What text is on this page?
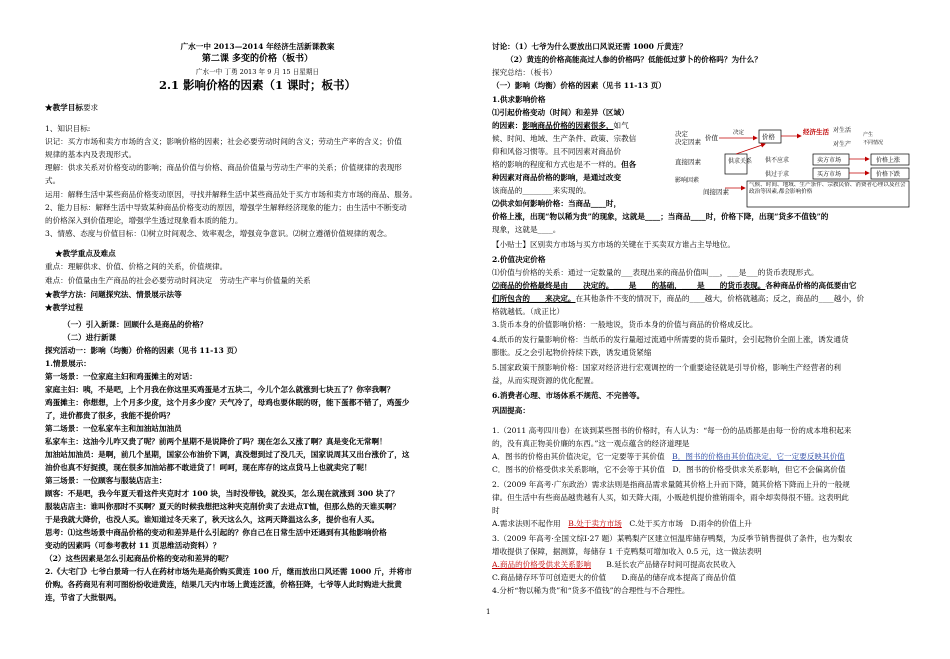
广水一中 2013—2014 年经济生活新课教案
第二课 多变的价格（板书）
广水一中 丁勇 2013 年 9 月 15 日星期日
2.1 影响价格的因素（1 课时；板书）
★教学目标要求
1、知识目标:
识记：买方市场和卖方市场的含义；影响价格的因素；社会必要劳动时间的含义；劳动生产率的含义；价值
规律的基本内及表现形式。
理解：供求关系对价格变动的影响；商品价值与价格、商品价值量与劳动生产率的关系；价值规律的表现形
式。
运用：解释生活中某些商品价格变动原因，寻找并解释生活中某些商品处于买方市场和卖方市场的商品、服务。
2、能力目标：解释生活中导致某种商品价格变动的原因，增强学生解释经济现象的能力；由生活中不断变动
的价格深入到价值理论，增强学生透过现象看本质的能力。
3、情感、态度与价值目标：⑴树立时间观念、效率观念，增强竞争意识。⑵树立遵循价值规律的观念。
★教学重点及难点
重点：理解供求、价值、价格之间的关系，价值规律。
难点：价值量由生产商品的社会必要劳动时间决定　劳动生产率与价值量的关系
★教学方法：问题探究法、情景展示法等
★教学过程
（一）引入新课：回顾什么是商品的价格？
（二）进行新课
探究活动一：影响（均衡）价格的因素（见书 11-13 页）
1.情景展示：
第一场景：一位家庭主妇和鸡蛋摊主的对话：
家庭主妇：咦，不是吧，上个月我在你这里买鸡蛋是才五块二，今儿个怎么就涨到七块五了？你宰我啊？
鸡蛋摊主：你想想，上个月多少度，这个月多少度？天气冷了，母鸡也要休眠的呀，能下蛋都不错了，鸡蛋少
了，进价都贵了很多，我能不提价吗？
第二场景：一位私家车主和加油站加油员
私家车主：这油今儿咋又贵了呢？前两个星期不是说降价了吗？现在怎么又涨了啊？真是变化无常啊！
加油站加油员：是啊，前几个星期，国家公布油价下调，真没想到过了没几天，国家说周其又出台涨价了，这
油价也真不好捉摸，现在很多加油站都不敢进货了！呵呵，现在库存的这点货马上也就卖完了呢！
第三场景：一位顾客与服装店店主：
顾客：不是吧，我今年夏天看这件夹克时才 100 块，当时没带钱，就没买，怎么现在就涨到 300 块了？
服装店店主：谁叫你那时不买啊？夏天的时候我想把这种夹克削价卖了去进点T恤，但那么热的天谁买啊？
于是我就大降价，也没人买。谁知道过冬天来了，秋天这么久，这两天降温这么多，提价也有人买。
思考：⑴这些场景中商品价格的变动和差异是什么引起的？你自己在日常生活中还遇到有其他影响价格
变动的因素吗（可参考教材 11 页思维活动资料）？
（2）这些因素是怎么引起商品价格的变动和差异的呢？
2.《大宅门》七爷白景琦一行人在药材市场先是高价购买黄连 100 斤，继而放出口风还需 1000 斤，并将市
价购。各药商见有利可图纷纷收进黄连，结果几天内市场上黄连泛滥，价格狂降，七爷等人此时购进大批黄
连，节省了大批银两。
讨论：（1）七爷为什么要放出口风说还需 1000 斤黄连？
（2）黄连的价格高能高过人参的价格吗？低能低过萝卜的价格吗？为什么？
探究总结：（板书）
（一）影响（均衡）价格的因素（见书 11-13 页）
1.供求影响价格
⑴引起价格变动（时间）和差异（区域）
的因素：影响商品价格的因素很多，如气
候、时间、地域、生产条件、政策、宗教信
仰和风俗习惯等。且不同因素对商品价
格的影响的程度和方式也是不一样的。但各
种因素对商品价格的影响，是通过改变
该商品的________来实现的。
⑵供求如何影响价格：当商品____时，
价格上涨，出现“物以稀为贵”的现象，这就是____；当商品____时，价格下降，出现“货多不值钱”的
现象，这就是____。
【小贴士】区别卖方市场与买方市场的关键在于买卖双方谁占主导地位。
2.价值决定价格
⑴价值与价格的关系：通过一定数量的___表现出来的商品价值叫___，___是___的货币表现形式。
⑵商品的价格最终是由____决定的。____是____的基础，____是____的货币表现。各种商品价格的高低要由它
们所包含的____来决定。在其他条件不变的情况下，商品的____越大，价格就越高；反之，商品的____越小，价
格就越低。（成正比）
3.货币本身的价值影响价格：一般地说，货币本身的价值与商品的价格成反比。
4.纸币的发行量影响价格：当纸币的发行量超过流通中所需要的货币量时，会引起物价全面上涨，诱发通货
膨胀。反之会引起物价持续下跌，诱发通货紧缩
5.国家政策干预影响价格：国家对经济进行宏观调控的一个重要途径就是引导价格，影响生产经营者的利
益，从而实现资源的优化配置。
6.消费者心理、市场体系不规范、不完善等。
巩固提高：
1.（2011 高考四川卷）在谈到某些图书的价格时，有人认为：“每一份的品质都是由每一份的成本堆积起来
的，没有真正物美价廉的东西。”这一观点蕴含的经济道理是
A．图书的价格由其价值决定，它一定要等于其价值　 B．图书的价格由其价值决定，它一定要反映其价值
C．图书的价格受供求关系影响，它不会等于其价值　 D．图书的价格受供求关系影响，但它不会偏离价值
2.（2009 年高考·广东政治）需求法则是指商品需求量随其价格上升而下降，随其价格下降而上升的一般规
律。但生活中有些商品越贵越有人买，如天降大雨，小贩趁机提价推销雨伞，雨伞却卖得很不错。这表明此
时
A.需求法则不起作用　 B.处于卖方市场　 C.处于买方市场　 D.雨伞的价值上升
3.（2009 年高考·全国文综Ⅰ·27 题）某鸭梨产区建立恒温库储存鸭梨，为反季节销售提供了条件，也为梨农
增收提供了保障，据测算，每储存 1 千克鸭梨可增加收入 0.5 元，这一做法表明
A.商品的价格受供求关系影响　　 B.延长农产品储存时间可提高农民收入
C.商品储存环节可创造更大的价值　　 D.商品的储存成本提高了商品价值
4.分析“物以稀为贵”和“货多不值钱”的合理性与不合理性。
1
决定决定因素 价值
决定	价格
经济生活 对生活
产生
不同情况
对生产
直接因素	供求关系 供不应求	卖方市场	价格上涨
供过于求	买方市场	价格下跌
影响因素
间接因素
气候、时间、地域、生产条件、宗教民俗、消费者心理以及社会政治等因素,都会影响价格
